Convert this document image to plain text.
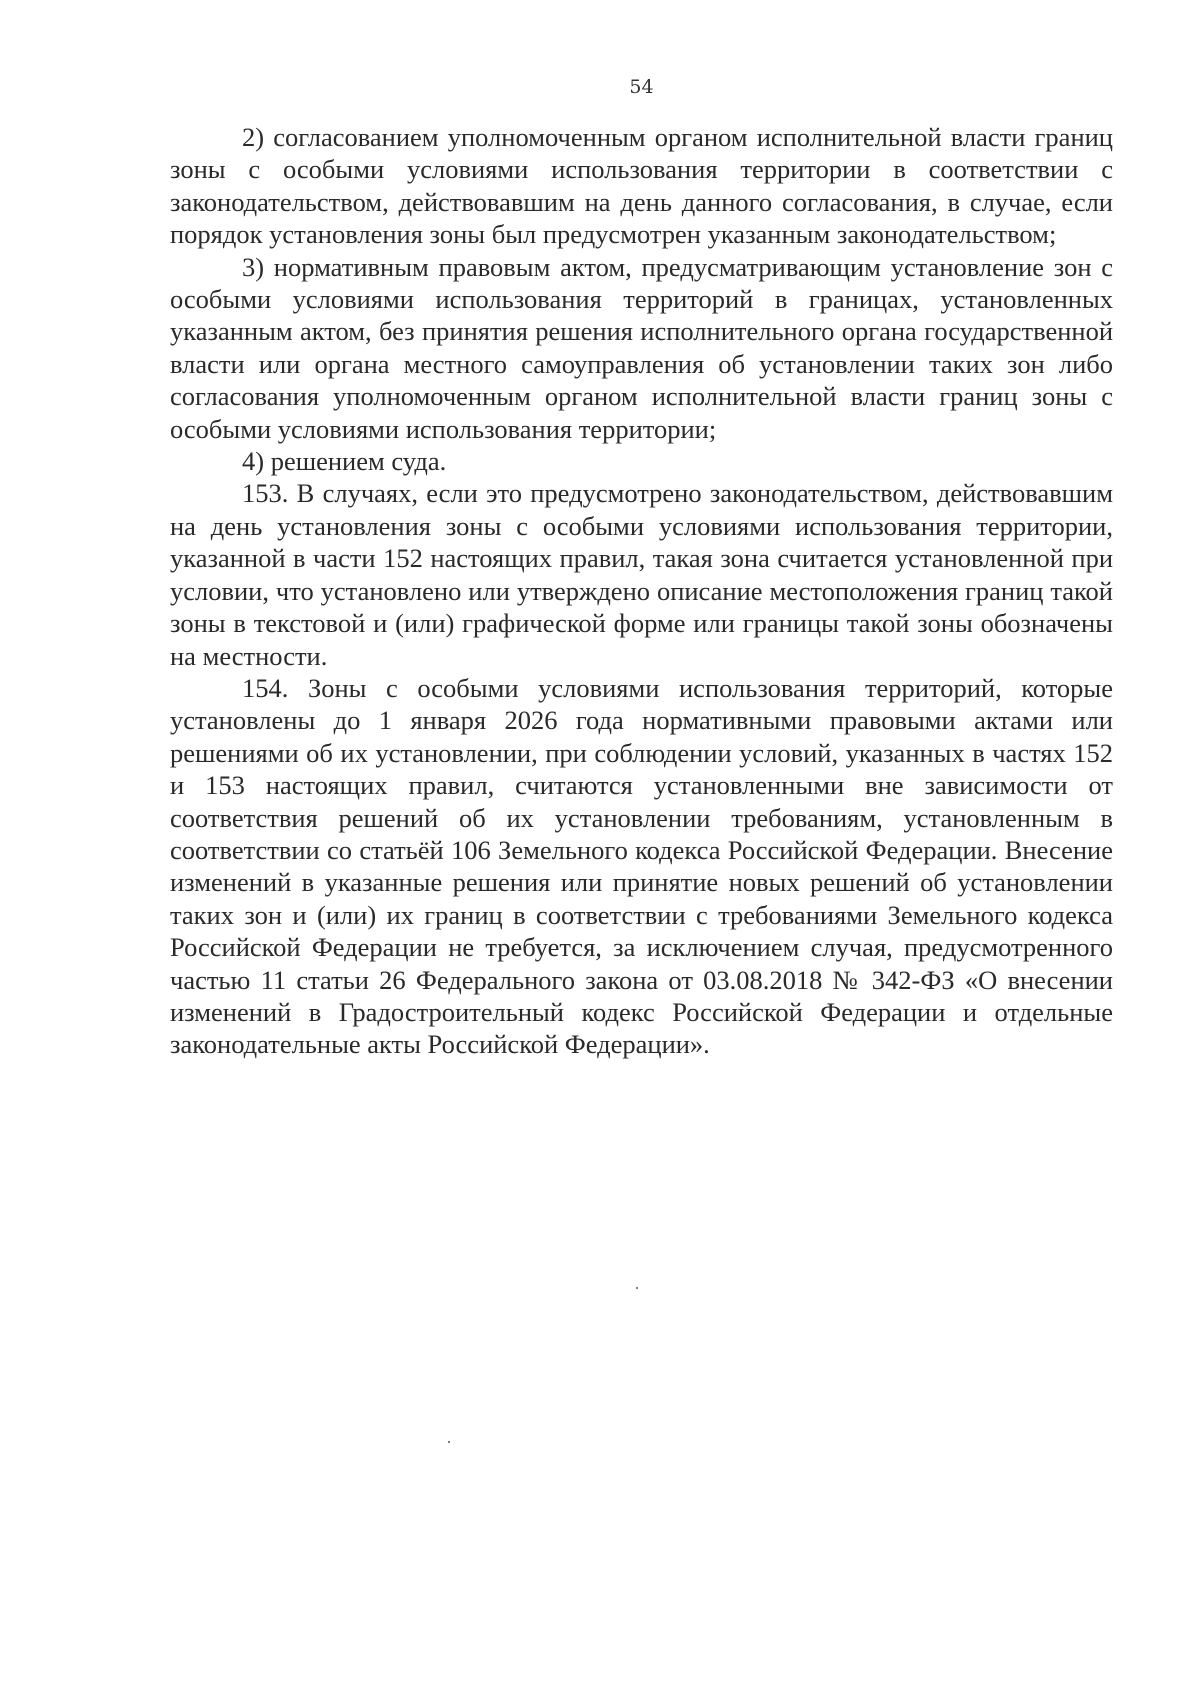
54

2) согласованием уполномоченным органом исполнительной власти границ зоны с особыми условиями использования территории в соответствии с законодательством, действовавшим на день данного согласования, в случае, если порядок установления зоны был предусмотрен указанным законодательством;

3) нормативным правовым актом, предусматривающим установление зон с особыми условиями использования территорий в границах, установленных указанным актом, без принятия решения исполнительного органа государственной власти или органа местного самоуправления об установлении таких зон либо согласования уполномоченным органом исполнительной власти границ зоны с особыми условиями использования территории;

4) решением суда.

153. В случаях, если это предусмотрено законодательством, действовавшим на день установления зоны с особыми условиями использования территории, указанной в части 152 настоящих правил, такая зона считается установленной при условии, что установлено или утверждено описание местоположения границ такой зоны в текстовой и (или) графической форме или границы такой зоны обозначены на местности.

154. Зоны с особыми условиями использования территорий, которые установлены до 1 января 2026 года нормативными правовыми актами или решениями об их установлении, при соблюдении условий, указанных в частях 152 и 153 настоящих правил, считаются установленными вне зависимости от соответствия решений об их установлении требованиям, установленным в соответствии со статьёй 106 Земельного кодекса Российской Федерации. Внесение изменений в указанные решения или принятие новых решений об установлении таких зон и (или) их границ в соответствии с требованиями Земельного кодекса Российской Федерации не требуется, за исключением случая, предусмотренного частью 11 статьи 26 Федерального закона от 03.08.2018 № 342-ФЗ «О внесении изменений в Градостроительный кодекс Российской Федерации и отдельные законодательные акты Российской Федерации».
